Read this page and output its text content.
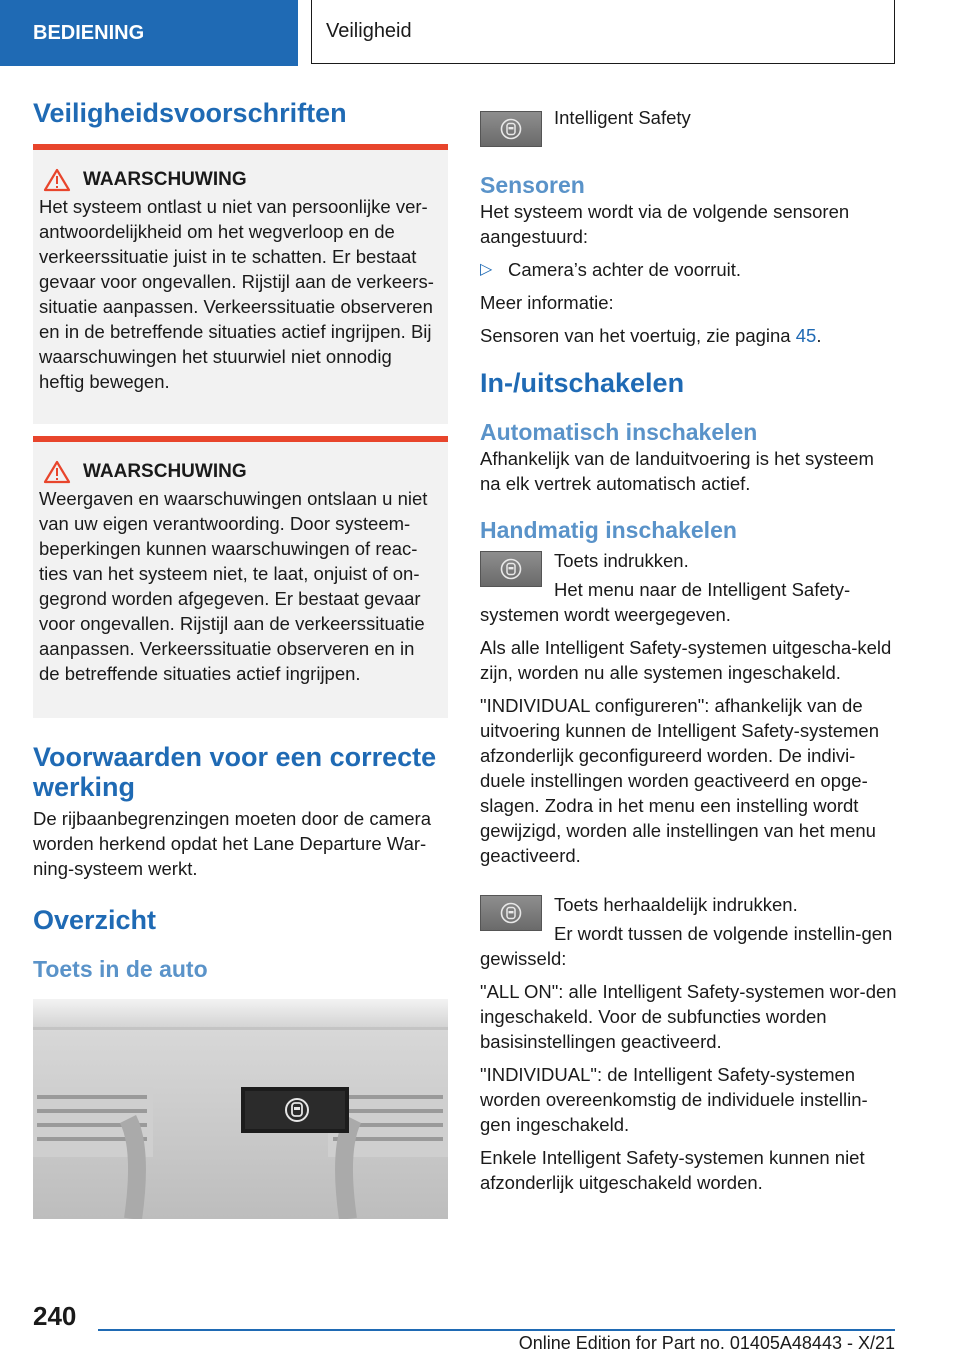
BEDIENING	Veiligheid
Veiligheidsvoorschriften
WAARSCHUWING

Het systeem ontlast u niet van persoonlijke ver-antwoordelijkheid om het wegverloop en de verkeerssituatie juist in te schatten. Er bestaat gevaar voor ongevallen. Rijstijl aan de verkeers-situatie aanpassen. Verkeerssituatie observeren en in de betreffende situaties actief ingrijpen. Bij waarschuwingen het stuurwiel niet onnodig heftig bewegen.

WAARSCHUWING

Weergaven en waarschuwingen ontslaan u niet van uw eigen verantwoording. Door systeem-beperkingen kunnen waarschuwingen of reac-ties van het systeem niet, te laat, onjuist of on-gegrond worden afgegeven. Er bestaat gevaar voor ongevallen. Rijstijl aan de verkeerssituatie aanpassen. Verkeerssituatie observeren en in de betreffende situaties actief ingrijpen.

Voorwaarden voor een correcte werking

De rijbaanbegrenzingen moeten door de camera worden herkend opdat het Lane Departure War-ning-systeem werkt.

Overzicht
Toets in de auto

Intelligent Safety

Sensoren

Het systeem wordt via de volgende sensoren aangestuurd:

▷ Camera’s achter de voorruit.

Meer informatie:

Sensoren van het voertuig, zie pagina 45.

In-/uitschakelen
Automatisch inschakelen

Afhankelijk van de landuitvoering is het systeem na elk vertrek automatisch actief.

Handmatig inschakelen

Toets indrukken.

Het menu naar de Intelligent Safety-systemen wordt weergegeven.

Als alle Intelligent Safety-systemen uitgescha-keld zijn, worden nu alle systemen ingeschakeld.

"INDIVIDUAL configureren": afhankelijk van de uitvoering kunnen de Intelligent Safety-systemen afzonderlijk geconfigureerd worden. De indivi-duele instellingen worden geactiveerd en opge-slagen. Zodra in het menu een instelling wordt gewijzigd, worden alle instellingen van het menu geactiveerd.

Toets herhaaldelijk indrukken.

Er wordt tussen de volgende instellin-gen gewisseld:

"ALL ON": alle Intelligent Safety-systemen wor-den ingeschakeld. Voor de subfuncties worden basisinstellingen geactiveerd.

"INDIVIDUAL": de Intelligent Safety-systemen worden overeenkomstig de individuele instellin-gen ingeschakeld.

Enkele Intelligent Safety-systemen kunnen niet afzonderlijk uitgeschakeld worden.

240
Online Edition for Part no. 01405A48443 - X/21
